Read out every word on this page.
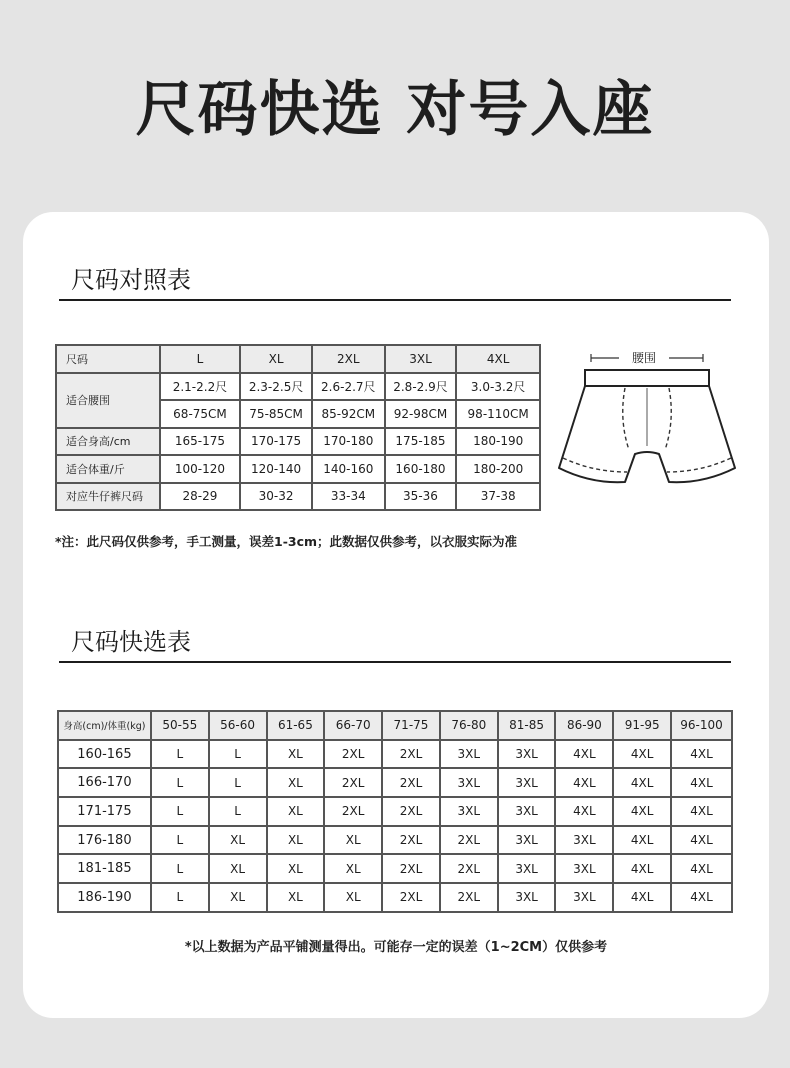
尺码快选 对号入座
尺码对照表
尺码	L	XL	2XL	3XL	4XL
适合腰围	2.1-2.2尺	2.3-2.5尺	2.6-2.7尺	2.8-2.9尺	3.0-3.2尺
	68-75CM	75-85CM	85-92CM	92-98CM	98-110CM
适合身高/cm	165-175	170-175	170-180	175-185	180-190
适合体重/斤	100-120	120-140	140-160	160-180	180-200
对应牛仔裤尺码	28-29	30-32	33-34	35-36	37-38
腰围
*注：此尺码仅供参考，手工测量，误差1-3cm；此数据仅供参考，以衣服实际为准
尺码快选表
身高(cm)/体重(kg)	50-55	56-60	61-65	66-70	71-75	76-80	81-85	86-90	91-95	96-100
160-165	L	L	XL	2XL	2XL	3XL	3XL	4XL	4XL	4XL
166-170	L	L	XL	2XL	2XL	3XL	3XL	4XL	4XL	4XL
171-175	L	L	XL	2XL	2XL	3XL	3XL	4XL	4XL	4XL
176-180	L	XL	XL	XL	2XL	2XL	3XL	3XL	4XL	4XL
181-185	L	XL	XL	XL	2XL	2XL	3XL	3XL	4XL	4XL
186-190	L	XL	XL	XL	2XL	2XL	3XL	3XL	4XL	4XL
*以上数据为产品平铺测量得出。可能存一定的误差（1~2CM）仅供参考
